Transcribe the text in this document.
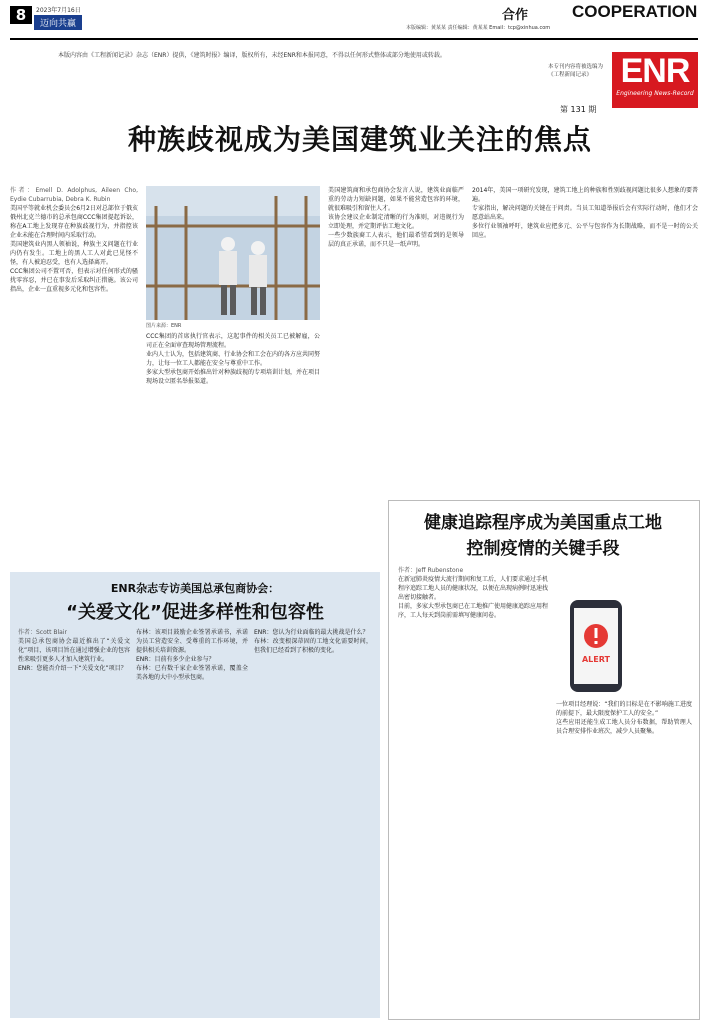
8	2023年7月16日
迈向共赢
合作	COOPERATION
本版编辑：黄某某 责任编辑：黄某某 Email：tcp@xinhua.com
本版内容由《工程新闻记录》杂志（ENR）提供，《建筑时报》编译，版权所有，未经ENR和本报同意，不得以任何形式整体或部分地使用或转载。
本专刊内容将被选编为《工程新闻记录》
第 131 期
ENR
Engineering News-Record
种族歧视成为美国建筑业关注的焦点
作者：Emell D. Adolphus, Aileen Cho, Eydie Cubarrubia, Debra K. Rubin
美国平等就业机会委员会6月2日对总部位于俄亥俄州北克兰德市的总承包商CCC集团提起诉讼，称在A工地上发现存在种族歧视行为，并指控该企业未能在合理时间内采取行动。
美国建筑业内黑人领袖说，种族主义问题在行业内仍有发生。工地上的黑人工人对此已见怪不怪，有人被迫忍受，也有人选择离开。
CCC集团公司不置可否，但表示对任何形式的骚扰零容忍，并已在事发后采取纠正措施。该公司指出，企业一直重视多元化和包容性。
图片来源：ENR
CCC集团的首席执行官表示，这起事件的相关员工已被解雇，公司正在全面审查现场管理流程。
业内人士认为，包括建筑商、行业协会和工会在内的各方应共同努力，让每一位工人都能在安全与尊重中工作。
多家大型承包商开始推出针对种族歧视的专项培训计划，并在项目现场设立匿名举报渠道。
美国建筑商和承包商协会发言人说，建筑业面临严重的劳动力短缺问题，如果不能营造包容的环境，就很难吸引和留住人才。
该协会建议企业制定清晰的行为准则，对违规行为立即处理，并定期评估工地文化。
一些少数族裔工人表示，他们最希望看到的是领导层的真正承诺，而不只是一纸声明。
2014年，美国一项研究发现，建筑工地上的种族和性别歧视问题比很多人想象的要普遍。
专家指出，解决问题的关键在于问责。当员工知道举报后会有实际行动时，他们才会愿意站出来。
多位行业领袖呼吁，建筑业应把多元、公平与包容作为长期战略，而不是一时的公关回应。
健康追踪程序成为美国重点工地
控制疫情的关键手段
作者：Jeff Rubenstone
在新冠肺炎疫情大流行期间和复工后，人们要求通过手机程序追踪工地人员的健康状况，以便在出现病例时迅速找出密切接触者。
目前，多家大型承包商已在工地推广使用健康追踪应用程序，工人每天到岗前需填写健康问卷。
ALERT
一位项目经理说：“我们的目标是在不影响施工进度的前提下，最大限度保护工人的安全。”
这些应用还能生成工地人员分布数据，帮助管理人员合理安排作业班次，减少人员聚集。
ENR杂志专访美国总承包商协会：
“关爱文化”促进多样性和包容性
作者：Scott Blair
美国总承包商协会最近推出了“关爱文化”项目，该项目旨在通过增强企业的包容性来吸引更多人才加入建筑行业。
ENR：您能否介绍一下“关爱文化”项目？
布林：该项目鼓励企业签署承诺书，承诺为员工营造安全、受尊重的工作环境，并提供相关培训资源。
ENR：目前有多少企业参与？
布林：已有数千家企业签署承诺，覆盖全美各地的大中小型承包商。
ENR：您认为行业面临的最大挑战是什么？
布林：改变根深蒂固的工地文化需要时间，但我们已经看到了积极的变化。
